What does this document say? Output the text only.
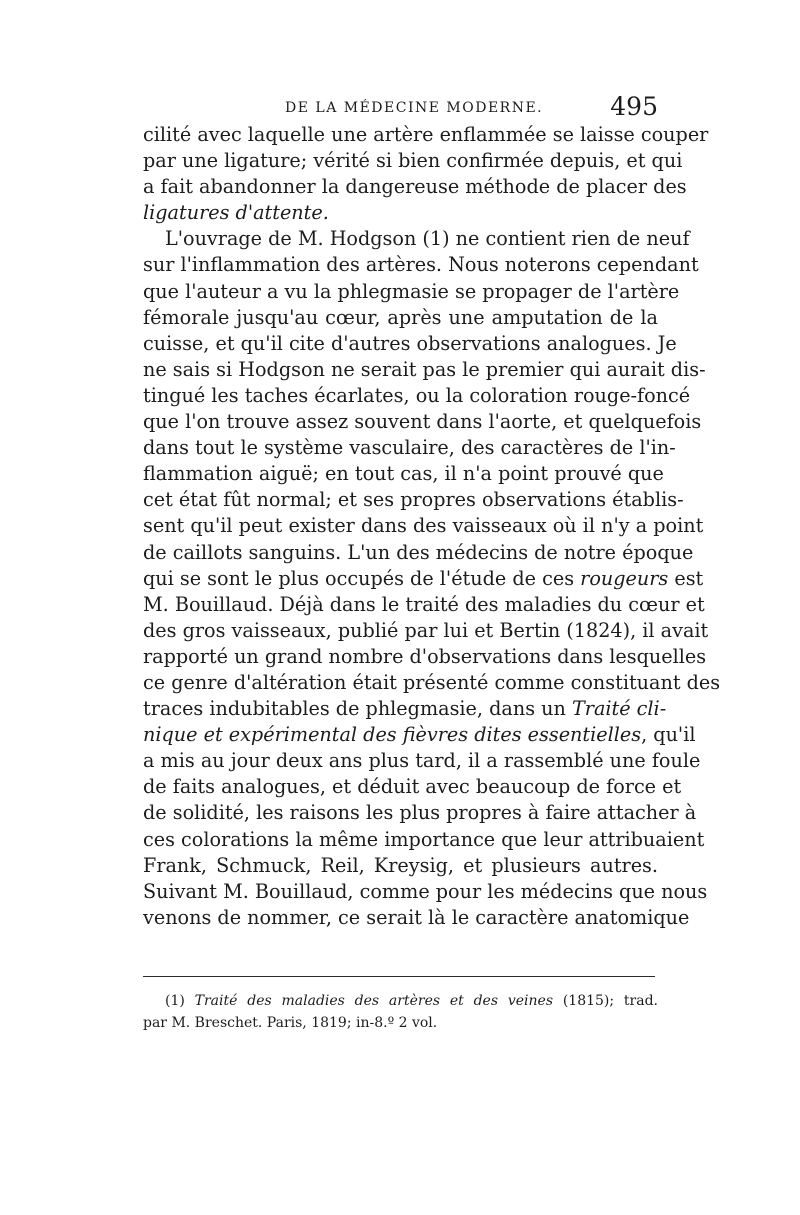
DE LA MÉDECINE MODERNE.	495
cilité avec laquelle une artère enflammée se laisse couper
par une ligature; vérité si bien confirmée depuis, et qui
a fait abandonner la dangereuse méthode de placer des
ligatures d'attente.
L'ouvrage de M. Hodgson (1) ne contient rien de neuf
sur l'inflammation des artères. Nous noterons cependant
que l'auteur a vu la phlegmasie se propager de l'artère
fémorale jusqu'au cœur, après une amputation de la
cuisse, et qu'il cite d'autres observations analogues. Je
ne sais si Hodgson ne serait pas le premier qui aurait dis-
tingué les taches écarlates, ou la coloration rouge-foncé
que l'on trouve assez souvent dans l'aorte, et quelquefois
dans tout le système vasculaire, des caractères de l'in-
flammation aiguë; en tout cas, il n'a point prouvé que
cet état fût normal; et ses propres observations établis-
sent qu'il peut exister dans des vaisseaux où il n'y a point
de caillots sanguins. L'un des médecins de notre époque
qui se sont le plus occupés de l'étude de ces rougeurs est
M. Bouillaud. Déjà dans le traité des maladies du cœur et
des gros vaisseaux, publié par lui et Bertin (1824), il avait
rapporté un grand nombre d'observations dans lesquelles
ce genre d'altération était présenté comme constituant des
traces indubitables de phlegmasie, dans un Traité cli-
nique et expérimental des fièvres dites essentielles, qu'il
a mis au jour deux ans plus tard, il a rassemblé une foule
de faits analogues, et déduit avec beaucoup de force et
de solidité, les raisons les plus propres à faire attacher à
ces colorations la même importance que leur attribuaient
Frank, Schmuck, Reil, Kreysig, et plusieurs autres.
Suivant M. Bouillaud, comme pour les médecins que nous
venons de nommer, ce serait là le caractère anatomique
(1) Traité des maladies des artères et des veines (1815); trad.
par M. Breschet. Paris, 1819; in-8.º 2 vol.
